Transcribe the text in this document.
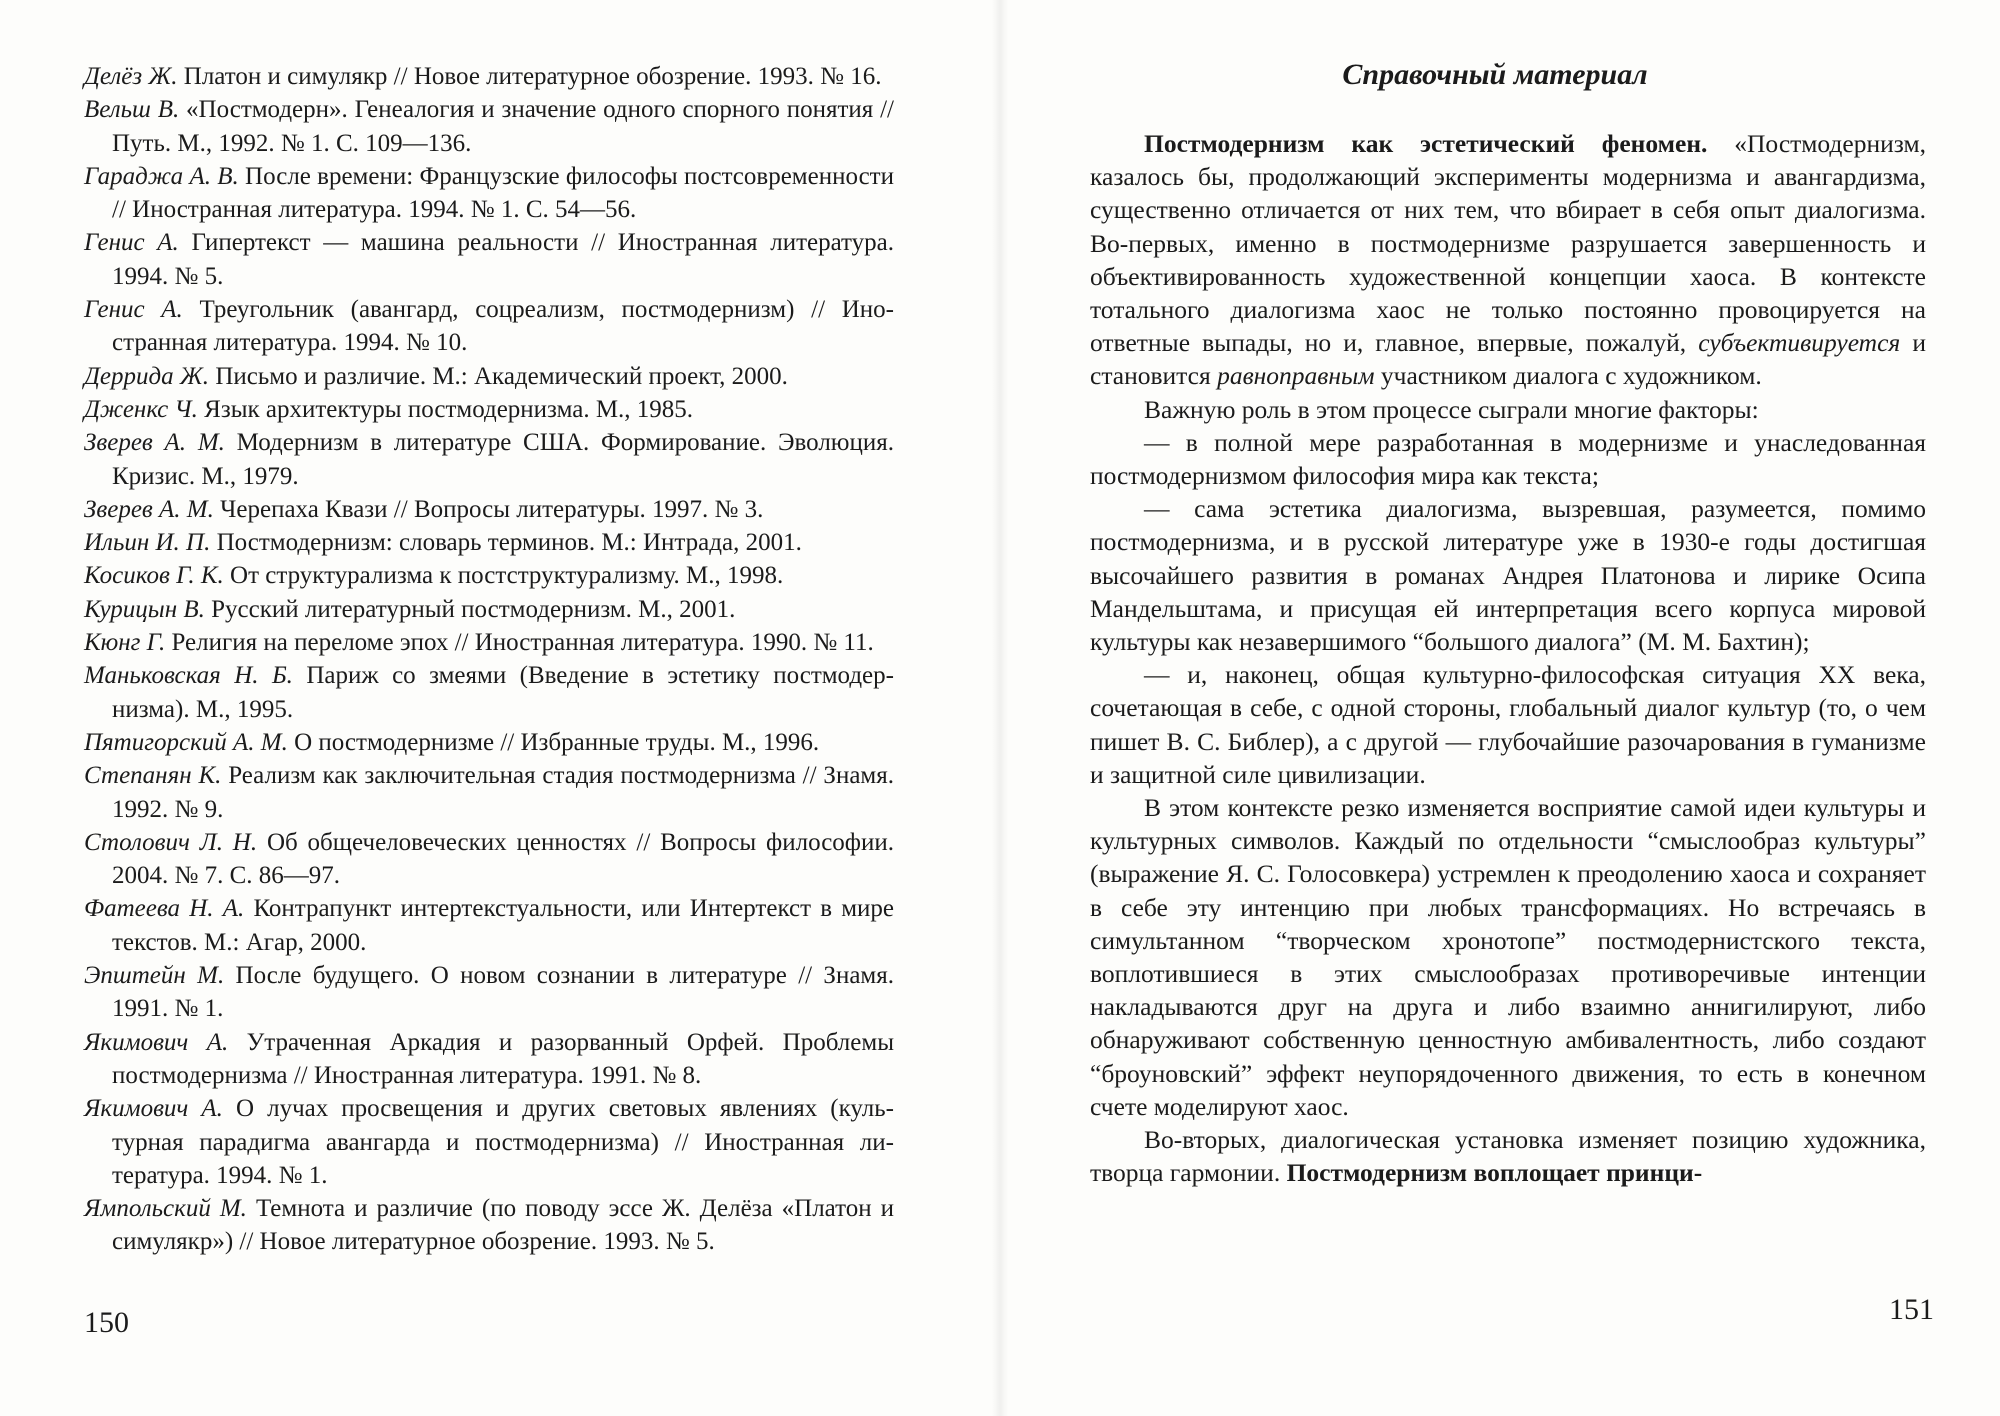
Делёз Ж. Платон и симулякр // Новое литературное обозрение. 1993. № 16.

Вельш В. «Постмодерн». Генеалогия и значение одного спорного понятия // Путь. М., 1992. № 1. С. 109—136.

Гараджа А. В. После времени: Французские философы постсовременности // Иностранная литература. 1994. № 1. С. 54—56.

Генис А. Гипертекст — машина реальности // Иностранная литература. 1994. № 5.

Генис А. Треугольник (авангард, соцреализм, постмодернизм) // Иностранная литература. 1994. № 10.

Деррида Ж. Письмо и различие. М.: Академический проект, 2000.

Дженкс Ч. Язык архитектуры постмодернизма. М., 1985.

Зверев А. М. Модернизм в литературе США. Формирование. Эволюция. Кризис. М., 1979.

Зверев А. М. Черепаха Квази // Вопросы литературы. 1997. № 3.

Ильин И. П. Постмодернизм: словарь терминов. М.: Интрада, 2001.

Косиков Г. К. От структурализма к постструктурализму. М., 1998.

Курицын В. Русский литературный постмодернизм. М., 2001.

Кюнг Г. Религия на переломе эпох // Иностранная литература. 1990. № 11.

Маньковская Н. Б. Париж со змеями (Введение в эстетику постмодернизма). М., 1995.

Пятигорский А. М. О постмодернизме // Избранные труды. М., 1996.

Степанян К. Реализм как заключительная стадия постмодернизма // Знамя. 1992. № 9.

Столович Л. Н. Об общечеловеческих ценностях // Вопросы философии. 2004. № 7. С. 86—97.

Фатеева Н. А. Контрапункт интертекстуальности, или Интертекст в мире текстов. М.: Агар, 2000.

Эпштейн М. После будущего. О новом сознании в литературе // Знамя. 1991. № 1.

Якимович А. Утраченная Аркадия и разорванный Орфей. Проблемы постмодернизма // Иностранная литература. 1991. № 8.

Якимович А. О лучах просвещения и других световых явлениях (культурная парадигма авангарда и постмодернизма) // Иностранная литература. 1994. № 1.

Ямпольский М. Темнота и различие (по поводу эссе Ж. Делёза «Платон и симулякр») // Новое литературное обозрение. 1993. № 5.

150
Справочный материал

Постмодернизм как эстетический феномен. «Постмодернизм, казалось бы, продолжающий эксперименты модернизма и авангардизма, существенно отличается от них тем, что вбирает в себя опыт диалогизма. Во-первых, именно в постмодернизме разрушается завершенность и объективированность художественной концепции хаоса. В контексте тотального диалогизма хаос не только постоянно провоцируется на ответные выпады, но и, главное, впервые, пожалуй, субъективируется и становится равноправным участником диалога с художником.

Важную роль в этом процессе сыграли многие факторы:

— в полной мере разработанная в модернизме и унаследованная постмодернизмом философия мира как текста;

— сама эстетика диалогизма, вызревшая, разумеется, помимо постмодернизма, и в русской литературе уже в 1930-е годы достигшая высочайшего развития в романах Андрея Платонова и лирике Осипа Мандельштама, и присущая ей интерпретация всего корпуса мировой культуры как незавершимого “большого диалога” (М. М. Бахтин);

— и, наконец, общая культурно-философская ситуация XX века, сочетающая в себе, с одной стороны, глобальный диалог культур (то, о чем пишет В. С. Библер), а с другой — глубочайшие разочарования в гуманизме и защитной силе цивилизации.

В этом контексте резко изменяется восприятие самой идеи культуры и культурных символов. Каждый по отдельности “смыслообраз культуры” (выражение Я. С. Голосовкера) устремлен к преодолению хаоса и сохраняет в себе эту интенцию при любых трансформациях. Но встречаясь в симультанном “творческом хронотопе” постмодернистского текста, воплотившиеся в этих смыслообразах противоречивые интенции накладываются друг на друга и либо взаимно аннигилируют, либо обнаруживают собственную ценностную амбивалентность, либо создают “броуновский” эффект неупорядоченного движения, то есть в конечном счете моделируют хаос.

Во-вторых, диалогическая установка изменяет позицию художника, творца гармонии. Постмодернизм воплощает принци-

151
